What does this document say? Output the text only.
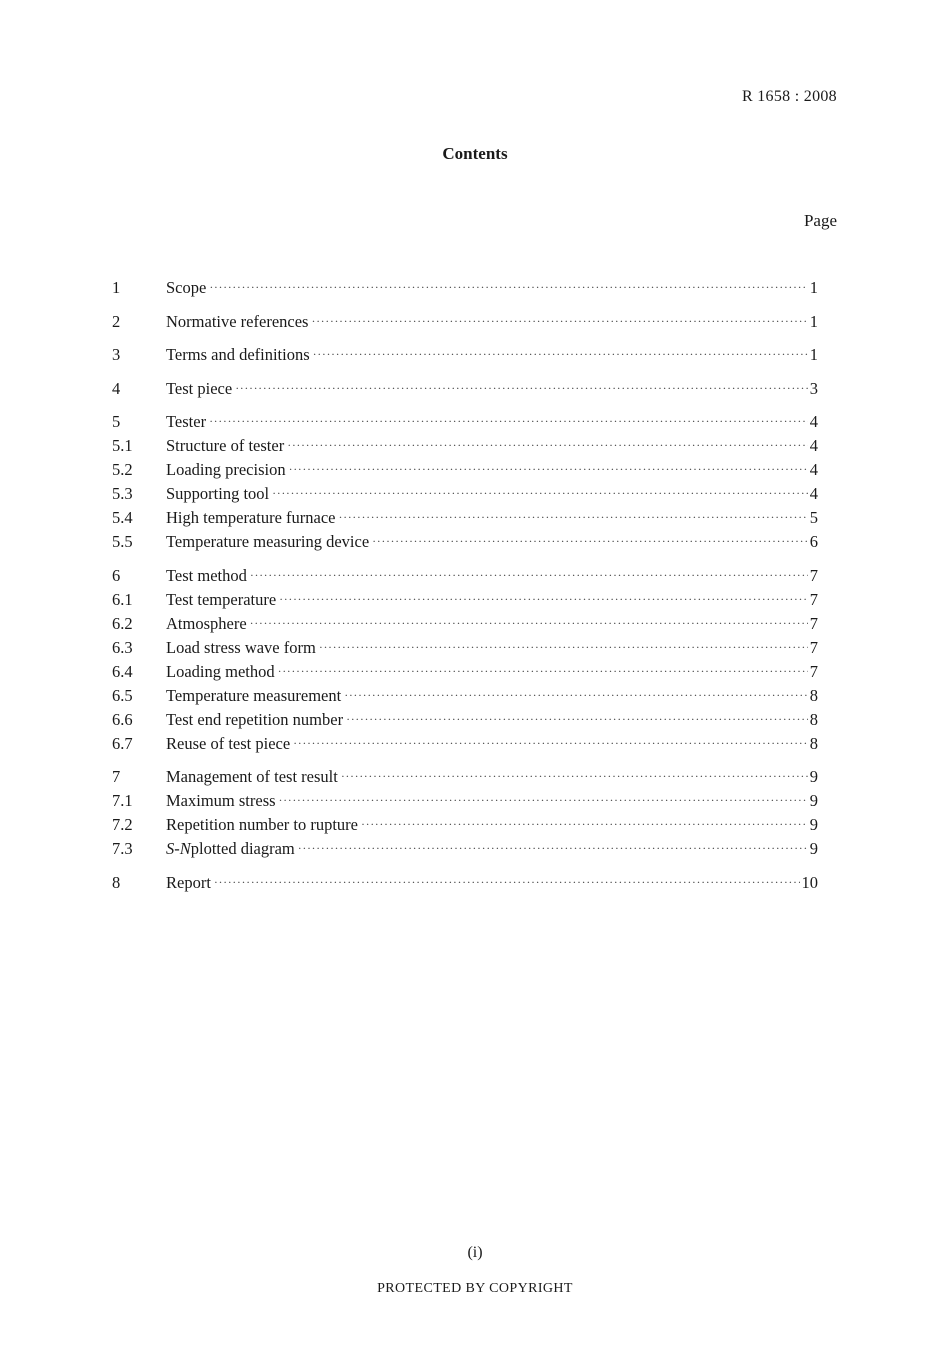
R 1658 : 2008
Contents
Page
1	Scope ·····	1
2	Normative references ·····	1
3	Terms and definitions ·····	1
4	Test piece ·····	3
5	Tester ·····	4
5.1	Structure of tester ·····	4
5.2	Loading precision ·····	4
5.3	Supporting tool ·····	4
5.4	High temperature furnace ·····	5
5.5	Temperature measuring device ·····	6
6	Test method ·····	7
6.1	Test temperature ·····	7
6.2	Atmosphere ·····	7
6.3	Load stress wave form ·····	7
6.4	Loading method ·····	7
6.5	Temperature measurement ·····	8
6.6	Test end repetition number ·····	8
6.7	Reuse of test piece ·····	8
7	Management of test result ·····	9
7.1	Maximum stress ·····	9
7.2	Repetition number to rupture ·····	9
7.3	S-Nplotted diagram ·····	9
8	Report ·····	10
(i)
PROTECTED BY COPYRIGHT
